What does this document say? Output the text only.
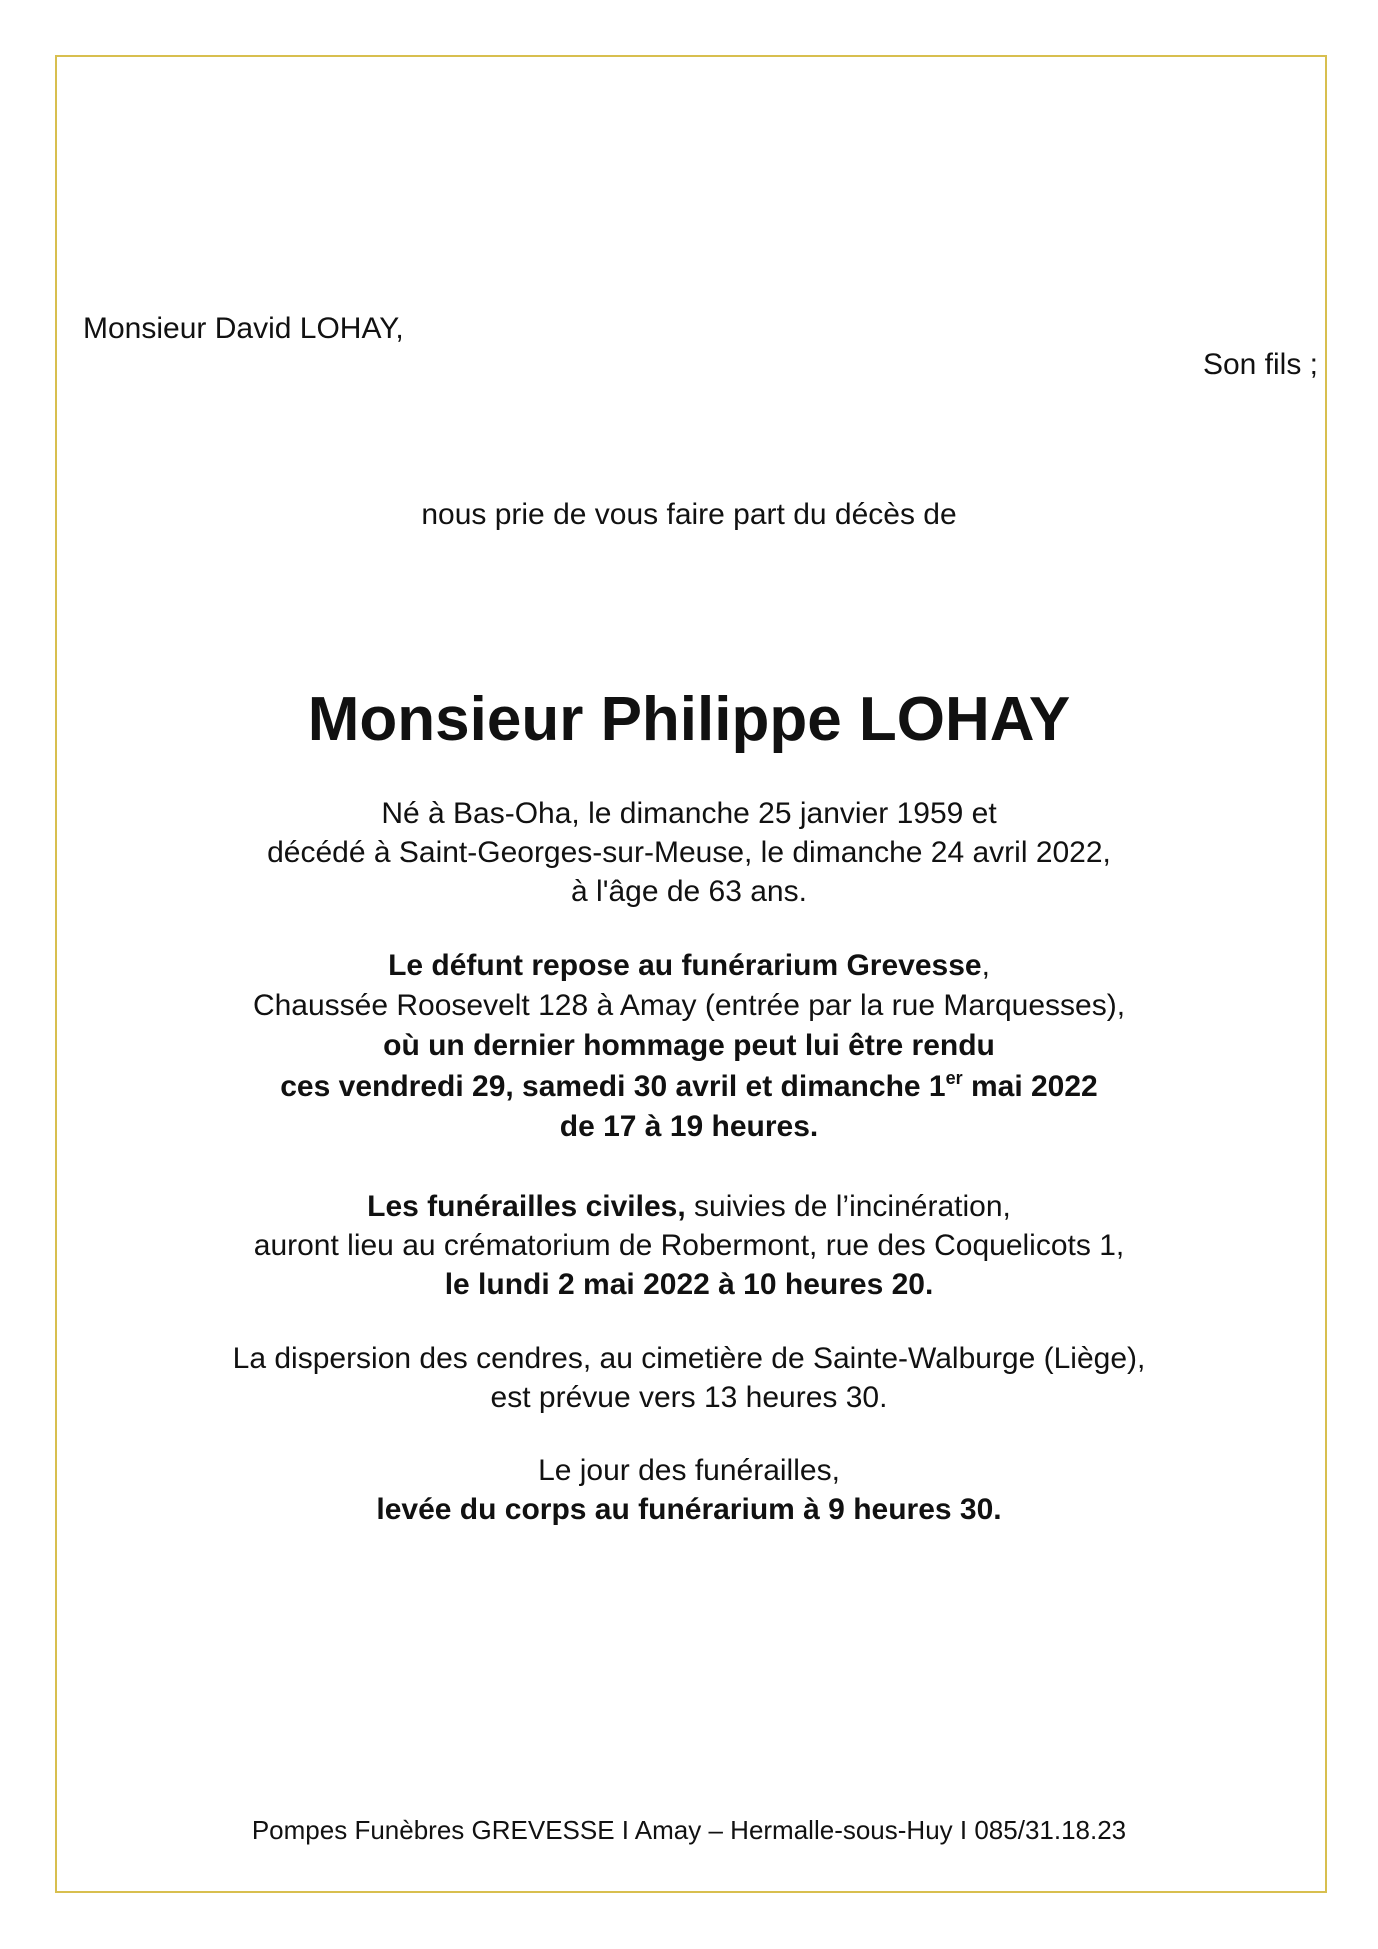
Monsieur David LOHAY,
Son fils ;
nous prie de vous faire part du décès de
Monsieur Philippe LOHAY
Né à Bas-Oha, le dimanche 25 janvier 1959 et
décédé à Saint-Georges-sur-Meuse, le dimanche 24 avril 2022,
à l'âge de 63 ans.
Le défunt repose au funérarium Grevesse,
Chaussée Roosevelt 128 à Amay (entrée par la rue Marquesses),
où un dernier hommage peut lui être rendu
ces vendredi 29, samedi 30 avril et dimanche 1er mai 2022
de 17 à 19 heures.
Les funérailles civiles, suivies de l’incinération,
auront lieu au crématorium de Robermont, rue des Coquelicots 1,
le lundi 2 mai 2022 à 10 heures 20.
La dispersion des cendres, au cimetière de Sainte-Walburge (Liège),
est prévue vers 13 heures 30.
Le jour des funérailles,
levée du corps au funérarium à 9 heures 30.
Pompes Funèbres GREVESSE I Amay – Hermalle-sous-Huy I 085/31.18.23
